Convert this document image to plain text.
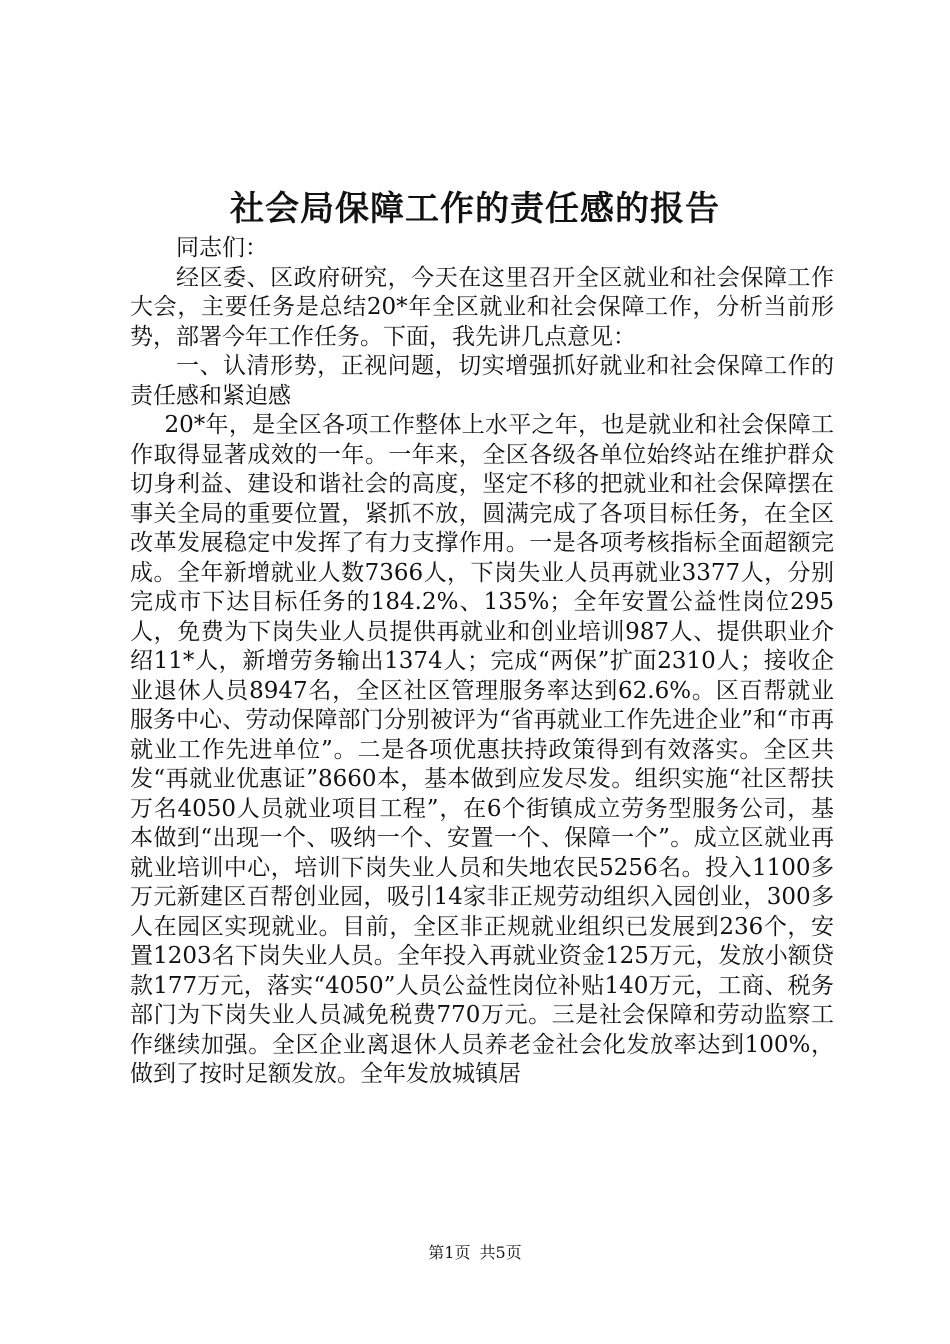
社会局保障工作的责任感的报告

同志们：

经区委、区政府研究，今天在这里召开全区就业和社会保障工作大会，主要任务是总结20*年全区就业和社会保障工作，分析当前形势，部署今年工作任务。下面，我先讲几点意见：

一、认清形势，正视问题，切实增强抓好就业和社会保障工作的责任感和紧迫感

20*年，是全区各项工作整体上水平之年，也是就业和社会保障工作取得显著成效的一年。一年来，全区各级各单位始终站在维护群众切身利益、建设和谐社会的高度，坚定不移的把就业和社会保障摆在事关全局的重要位置，紧抓不放，圆满完成了各项目标任务，在全区改革发展稳定中发挥了有力支撑作用。一是各项考核指标全面超额完成。全年新增就业人数7366人，下岗失业人员再就业3377人，分别完成市下达目标任务的184.2%、135%；全年安置公益性岗位295人，免费为下岗失业人员提供再就业和创业培训987人、提供职业介绍11*人，新增劳务输出1374人；完成“两保”扩面2310人；接收企业退休人员8947名，全区社区管理服务率达到62.6%。区百帮就业服务中心、劳动保障部门分别被评为“省再就业工作先进企业”和“市再就业工作先进单位”。二是各项优惠扶持政策得到有效落实。全区共发“再就业优惠证”8660本，基本做到应发尽发。组织实施“社区帮扶万名4050人员就业项目工程”，在6个街镇成立劳务型服务公司，基本做到“出现一个、吸纳一个、安置一个、保障一个”。成立区就业再就业培训中心，培训下岗失业人员和失地农民5256名。投入1100多万元新建区百帮创业园，吸引14家非正规劳动组织入园创业，300多人在园区实现就业。目前，全区非正规就业组织已发展到236个，安置1203名下岗失业人员。全年投入再就业资金125万元，发放小额贷款177万元，落实“4050”人员公益性岗位补贴140万元，工商、税务部门为下岗失业人员减免税费770万元。三是社会保障和劳动监察工作继续加强。全区企业离退休人员养老金社会化发放率达到100%，做到了按时足额发放。全年发放城镇居

第1页 共5页
